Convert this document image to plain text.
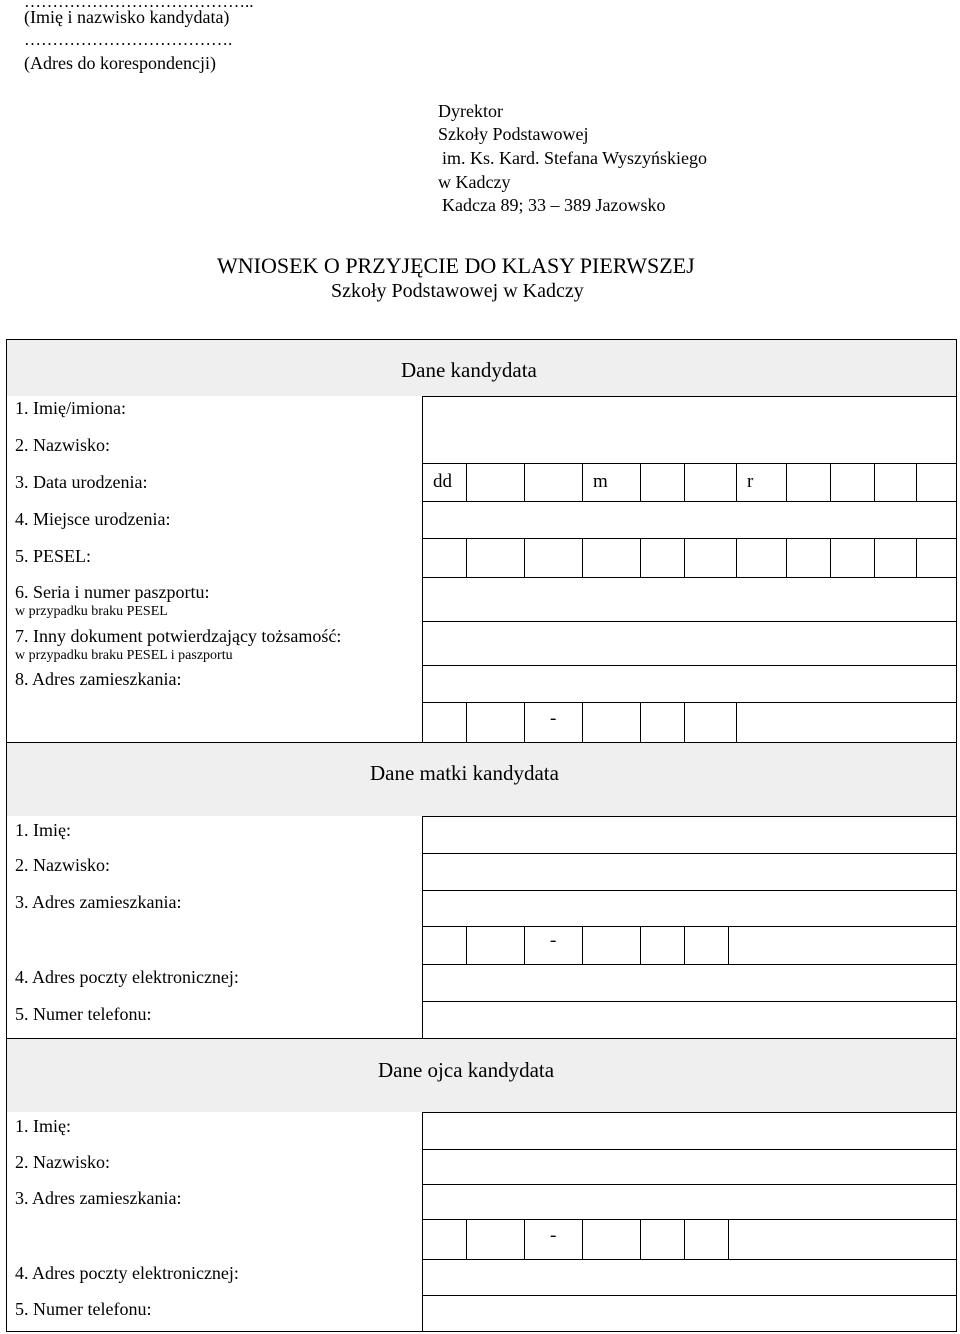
…………………………………..
(Imię i nazwisko kandydata)
……………………………….
(Adres do korespondencji)
Dyrektor
Szkoły Podstawowej
im. Ks. Kard. Stefana Wyszyńskiego
w Kadczy
Kadcza 89; 33 – 389 Jazowsko
WNIOSEK O PRZYJĘCIE DO KLASY PIERWSZEJ
Szkoły Podstawowej w Kadczy
Dane kandydata
1. Imię/imiona:
2. Nazwisko:
3. Data urodzenia:	dd	m	r
4. Miejsce urodzenia:
5. PESEL:
6. Seria i numer paszportu:
w przypadku braku PESEL
7. Inny dokument potwierdzający tożsamość:
w przypadku braku PESEL i paszportu
8. Adres zamieszkania:
-
Dane matki kandydata
1. Imię:
2. Nazwisko:
3. Adres zamieszkania:
-
4. Adres poczty elektronicznej:
5. Numer telefonu:
Dane ojca kandydata
1. Imię:
2. Nazwisko:
3. Adres zamieszkania:
-
4. Adres poczty elektronicznej:
5. Numer telefonu:
